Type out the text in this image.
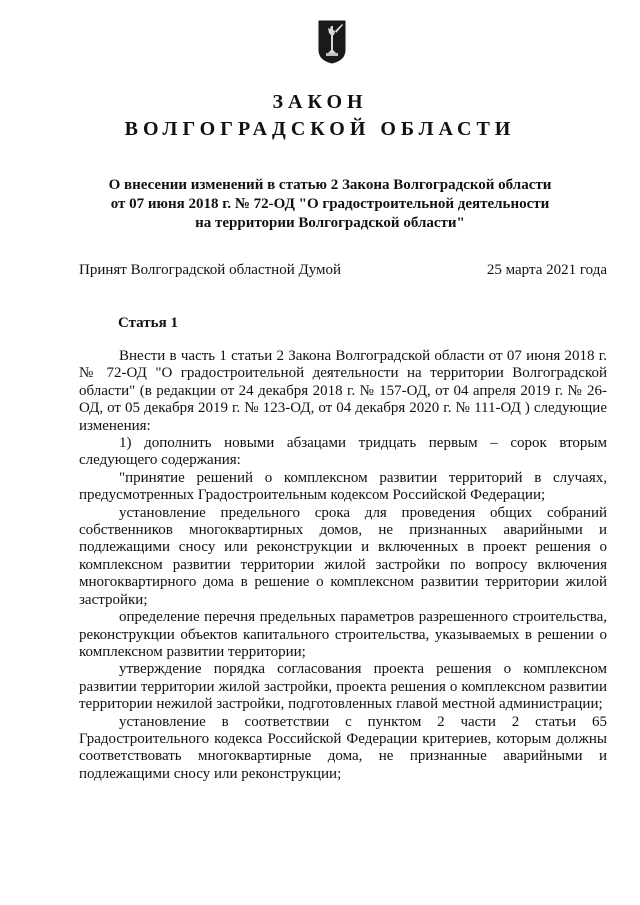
ЗАКОН
ВОЛГОГРАДСКОЙ ОБЛАСТИ
О внесении изменений в статью 2 Закона Волгоградской области
от 07 июня 2018 г. № 72-ОД "О градостроительной деятельности
на территории Волгоградской области"

Принят Волгоградской областной Думой	25 марта 2021 года

Статья 1

Внести в часть 1 статьи 2 Закона Волгоградской области от 07 июня 2018 г. № 72-ОД "О градостроительной деятельности на территории Волгоградской области" (в редакции от 24 декабря 2018 г. № 157-ОД, от 04 апреля 2019 г. № 26-ОД, от 05 декабря 2019 г. № 123-ОД, от 04 декабря 2020 г. № 111-ОД ) следующие изменения:

1) дополнить новыми абзацами тридцать первым – сорок вторым следующего содержания:

"принятие решений о комплексном развитии территорий в случаях, предусмотренных Градостроительным кодексом Российской Федерации;

установление предельного срока для проведения общих собраний собственников многоквартирных домов, не признанных аварийными и подлежащими сносу или реконструкции и включенных в проект решения о комплексном развитии территории жилой застройки по вопросу включения многоквартирного дома в решение о комплексном развитии территории жилой застройки;

определение перечня предельных параметров разрешенного строительства, реконструкции объектов капитального строительства, указываемых в решении о комплексном развитии территории;

утверждение порядка согласования проекта решения о комплексном развитии территории жилой застройки, проекта решения о комплексном развитии территории нежилой застройки, подготовленных главой местной администрации;

установление в соответствии с пунктом 2 части 2 статьи 65 Градостроительного кодекса Российской Федерации критериев, которым должны соответствовать многоквартирные дома, не признанные аварийными и подлежащими сносу или реконструкции;
